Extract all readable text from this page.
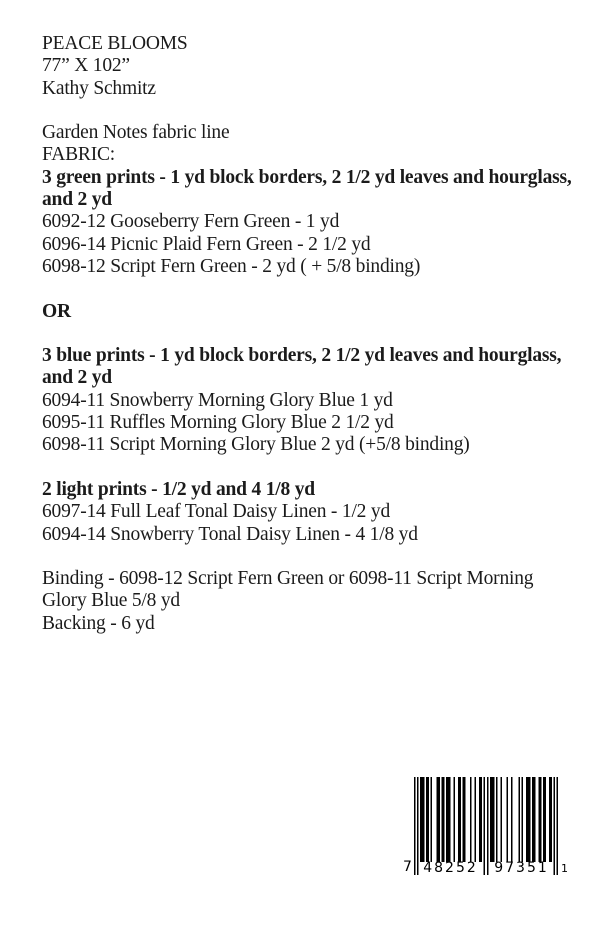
PEACE BLOOMS
77” X 102”
Kathy Schmitz
Garden Notes fabric line
FABRIC:
3 green prints - 1 yd block borders, 2 1/2 yd leaves and hourglass,
and 2 yd
6092-12 Gooseberry Fern Green - 1 yd
6096-14 Picnic Plaid Fern Green - 2 1/2 yd
6098-12 Script Fern Green - 2 yd ( + 5/8 binding)
OR
3 blue prints - 1 yd block borders, 2 1/2 yd leaves and hourglass,
and 2 yd
6094-11 Snowberry Morning Glory Blue 1 yd
6095-11 Ruffles Morning Glory Blue 2 1/2 yd
6098-11 Script Morning Glory Blue 2 yd (+5/8 binding)
2 light prints - 1/2 yd and 4 1/8 yd
6097-14 Full Leaf Tonal Daisy Linen - 1/2 yd
6094-14 Snowberry Tonal Daisy Linen - 4 1/8 yd
Binding - 6098-12 Script Fern Green or 6098-11 Script Morning
Glory Blue 5/8 yd
Backing - 6 yd
7 48252	97351	1
